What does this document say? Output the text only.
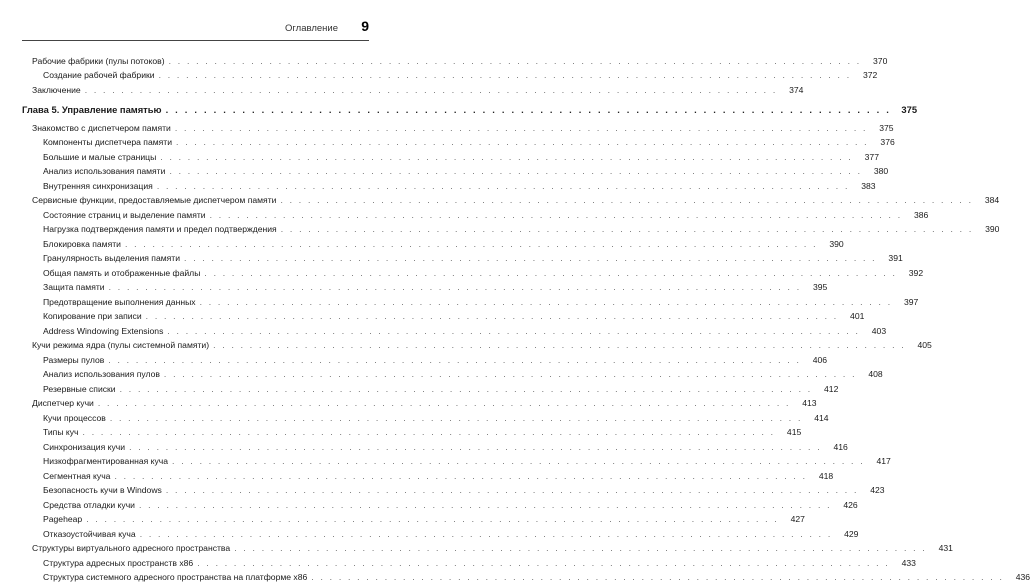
Оглавление 9
Рабочие фабрики (пулы потоков) . . . . . . . . . . . . . . . . . . . . . . . . . . . . . . . . . . . . . . . . . . . . . . . . . . . . . . . . . . . . . . . . . . . . . . . . . . . .	370
Создание рабочей фабрики . . . . . . . . . . . . . . . . . . . . . . . . . . . . . . . . . . . . . . . . . . . . . . . . . . . . . . . . . . . . . . . . . . . . . . . . . . . .	372
Заключение . . . . . . . . . . . . . . . . . . . . . . . . . . . . . . . . . . . . . . . . . . . . . . . . . . . . . . . . . . . . . . . . . . . . . . . . . . . .	374
Глава 5. Управление памятью . . . . . . . . . . . . . . . . . . . . . . . . . . . . . . . . . . . . . . . . . . . . . . . . . . . . . . . . . . . . . . . . . . . . . . . . . . . .	375
Знакомство с диспетчером памяти . . . . . . . . . . . . . . . . . . . . . . . . . . . . . . . . . . . . . . . . . . . . . . . . . . . . . . . . . . . . . . . . . . . . . . . . . . . .	375
Компоненты диспетчера памяти . . . . . . . . . . . . . . . . . . . . . . . . . . . . . . . . . . . . . . . . . . . . . . . . . . . . . . . . . . . . . . . . . . . . . . . . . . . .	376
Большие и малые страницы . . . . . . . . . . . . . . . . . . . . . . . . . . . . . . . . . . . . . . . . . . . . . . . . . . . . . . . . . . . . . . . . . . . . . . . . . . . .	377
Анализ использования памяти . . . . . . . . . . . . . . . . . . . . . . . . . . . . . . . . . . . . . . . . . . . . . . . . . . . . . . . . . . . . . . . . . . . . . . . . . . . .	380
Внутренняя синхронизация . . . . . . . . . . . . . . . . . . . . . . . . . . . . . . . . . . . . . . . . . . . . . . . . . . . . . . . . . . . . . . . . . . . . . . . . . . . .	383
Сервисные функции, предоставляемые диспетчером памяти . . . . . . . . . . . . . . . . . . . . . . . . . . . . . . . . . . . . . . . . . . . . . . . . . . . . . . . . . . . . . . . . . . . . . . . . . . . .	384
Состояние страниц и выделение памяти . . . . . . . . . . . . . . . . . . . . . . . . . . . . . . . . . . . . . . . . . . . . . . . . . . . . . . . . . . . . . . . . . . . . . . . . . . . .	386
Нагрузка подтверждения памяти и предел подтверждения . . . . . . . . . . . . . . . . . . . . . . . . . . . . . . . . . . . . . . . . . . . . . . . . . . . . . . . . . . . . . . . . . . . . . . . . . . . .	390
Блокировка памяти . . . . . . . . . . . . . . . . . . . . . . . . . . . . . . . . . . . . . . . . . . . . . . . . . . . . . . . . . . . . . . . . . . . . . . . . . . . .	390
Гранулярность выделения памяти . . . . . . . . . . . . . . . . . . . . . . . . . . . . . . . . . . . . . . . . . . . . . . . . . . . . . . . . . . . . . . . . . . . . . . . . . . . .	391
Общая память и отображенные файлы . . . . . . . . . . . . . . . . . . . . . . . . . . . . . . . . . . . . . . . . . . . . . . . . . . . . . . . . . . . . . . . . . . . . . . . . . . . .	392
Защита памяти . . . . . . . . . . . . . . . . . . . . . . . . . . . . . . . . . . . . . . . . . . . . . . . . . . . . . . . . . . . . . . . . . . . . . . . . . . . .	395
Предотвращение выполнения данных . . . . . . . . . . . . . . . . . . . . . . . . . . . . . . . . . . . . . . . . . . . . . . . . . . . . . . . . . . . . . . . . . . . . . . . . . . . .	397
Копирование при записи . . . . . . . . . . . . . . . . . . . . . . . . . . . . . . . . . . . . . . . . . . . . . . . . . . . . . . . . . . . . . . . . . . . . . . . . . . . .	401
Address Windowing Extensions . . . . . . . . . . . . . . . . . . . . . . . . . . . . . . . . . . . . . . . . . . . . . . . . . . . . . . . . . . . . . . . . . . . . . . . . . . . .	403
Кучи режима ядра (пулы системной памяти) . . . . . . . . . . . . . . . . . . . . . . . . . . . . . . . . . . . . . . . . . . . . . . . . . . . . . . . . . . . . . . . . . . . . . . . . . . . .	405
Размеры пулов . . . . . . . . . . . . . . . . . . . . . . . . . . . . . . . . . . . . . . . . . . . . . . . . . . . . . . . . . . . . . . . . . . . . . . . . . . . .	406
Анализ использования пулов . . . . . . . . . . . . . . . . . . . . . . . . . . . . . . . . . . . . . . . . . . . . . . . . . . . . . . . . . . . . . . . . . . . . . . . . . . . .	408
Резервные списки . . . . . . . . . . . . . . . . . . . . . . . . . . . . . . . . . . . . . . . . . . . . . . . . . . . . . . . . . . . . . . . . . . . . . . . . . . . .	412
Диспетчер кучи . . . . . . . . . . . . . . . . . . . . . . . . . . . . . . . . . . . . . . . . . . . . . . . . . . . . . . . . . . . . . . . . . . . . . . . . . . . .	413
Кучи процессов . . . . . . . . . . . . . . . . . . . . . . . . . . . . . . . . . . . . . . . . . . . . . . . . . . . . . . . . . . . . . . . . . . . . . . . . . . . .	414
Типы куч . . . . . . . . . . . . . . . . . . . . . . . . . . . . . . . . . . . . . . . . . . . . . . . . . . . . . . . . . . . . . . . . . . . . . . . . . . . .	415
Синхронизация кучи . . . . . . . . . . . . . . . . . . . . . . . . . . . . . . . . . . . . . . . . . . . . . . . . . . . . . . . . . . . . . . . . . . . . . . . . . . . .	416
Низкофрагментированная куча . . . . . . . . . . . . . . . . . . . . . . . . . . . . . . . . . . . . . . . . . . . . . . . . . . . . . . . . . . . . . . . . . . . . . . . . . . . .	417
Сегментная куча . . . . . . . . . . . . . . . . . . . . . . . . . . . . . . . . . . . . . . . . . . . . . . . . . . . . . . . . . . . . . . . . . . . . . . . . . . . .	418
Безопасность кучи в Windows . . . . . . . . . . . . . . . . . . . . . . . . . . . . . . . . . . . . . . . . . . . . . . . . . . . . . . . . . . . . . . . . . . . . . . . . . . . .	423
Средства отладки кучи . . . . . . . . . . . . . . . . . . . . . . . . . . . . . . . . . . . . . . . . . . . . . . . . . . . . . . . . . . . . . . . . . . . . . . . . . . . .	426
Pageheap . . . . . . . . . . . . . . . . . . . . . . . . . . . . . . . . . . . . . . . . . . . . . . . . . . . . . . . . . . . . . . . . . . . . . . . . . . . .	427
Отказоустойчивая куча . . . . . . . . . . . . . . . . . . . . . . . . . . . . . . . . . . . . . . . . . . . . . . . . . . . . . . . . . . . . . . . . . . . . . . . . . . . .	429
Структуры виртуального адресного пространства . . . . . . . . . . . . . . . . . . . . . . . . . . . . . . . . . . . . . . . . . . . . . . . . . . . . . . . . . . . . . . . . . . . . . . . . . . . .	431
Структура адресных пространств x86 . . . . . . . . . . . . . . . . . . . . . . . . . . . . . . . . . . . . . . . . . . . . . . . . . . . . . . . . . . . . . . . . . . . . . . . . . . . .	433
Структура системного адресного пространства на платформе x86 . . . . . . . . . . . . . . . . . . . . . . . . . . . . . . . . . . . . . . . . . . . . . . . . . . . . . . . . . . . . . . . . . . . . . . . . . . . .	436
